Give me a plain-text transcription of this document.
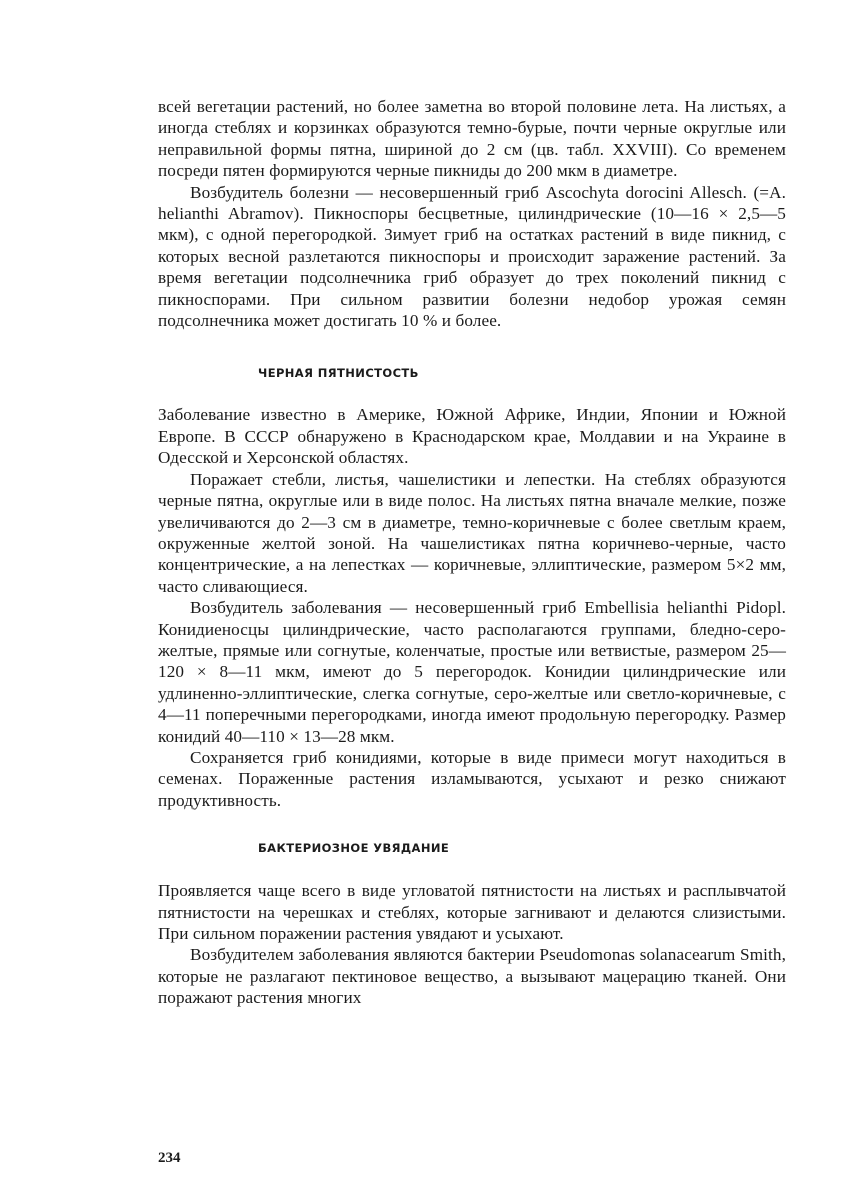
всей вегетации растений, но более заметна во второй половине лета. На листьях, а иногда стеблях и корзинках образуются темно-бурые, почти черные округлые или неправильной формы пятна, шириной до 2 см (цв. табл. XXVIII). Со временем посреди пятен формируются черные пикниды до 200 мкм в диаметре.

Возбудитель болезни — несовершенный гриб Ascochyta dorocini Allesch. (=A. helianthi Abramov). Пикноспоры бесцветные, цилиндрические (10—16 × 2,5—5 мкм), с одной перегородкой. Зимует гриб на остатках растений в виде пикнид, с которых весной разлетаются пикноспоры и происходит заражение растений. За время вегетации подсолнечника гриб образует до трех поколений пикнид с пикноспорами. При сильном развитии болезни недобор урожая семян подсолнечника может достигать 10 % и более.

ЧЕРНАЯ ПЯТНИСТОСТЬ

Заболевание известно в Америке, Южной Африке, Индии, Японии и Южной Европе. В СССР обнаружено в Краснодарском крае, Молдавии и на Украине в Одесской и Херсонской областях.

Поражает стебли, листья, чашелистики и лепестки. На стеблях образуются черные пятна, округлые или в виде полос. На листьях пятна вначале мелкие, позже увеличиваются до 2—3 см в диаметре, темно-коричневые с более светлым краем, окруженные желтой зоной. На чашелистиках пятна коричнево-черные, часто концентрические, а на лепестках — коричневые, эллиптические, размером 5×2 мм, часто сливающиеся.

Возбудитель заболевания — несовершенный гриб Embellisia helianthi Pidopl. Конидиеносцы цилиндрические, часто располагаются группами, бледно-серо-желтые, прямые или согнутые, коленчатые, простые или ветвистые, размером 25—120 × 8—11 мкм, имеют до 5 перегородок. Конидии цилиндрические или удлиненно-эллиптические, слегка согнутые, серо-желтые или светло-коричневые, с 4—11 поперечными перегородками, иногда имеют продольную перегородку. Размер конидий 40—110 × 13—28 мкм.

Сохраняется гриб конидиями, которые в виде примеси могут находиться в семенах. Пораженные растения изламываются, усыхают и резко снижают продуктивность.

БАКТЕРИОЗНОЕ УВЯДАНИЕ

Проявляется чаще всего в виде угловатой пятнистости на листьях и расплывчатой пятнистости на черешках и стеблях, которые загнивают и делаются слизистыми. При сильном поражении растения увядают и усыхают.

Возбудителем заболевания являются бактерии Pseudomonas solanacearum Smith, которые не разлагают пектиновое вещество, а вызывают мацерацию тканей. Они поражают растения многих

234
